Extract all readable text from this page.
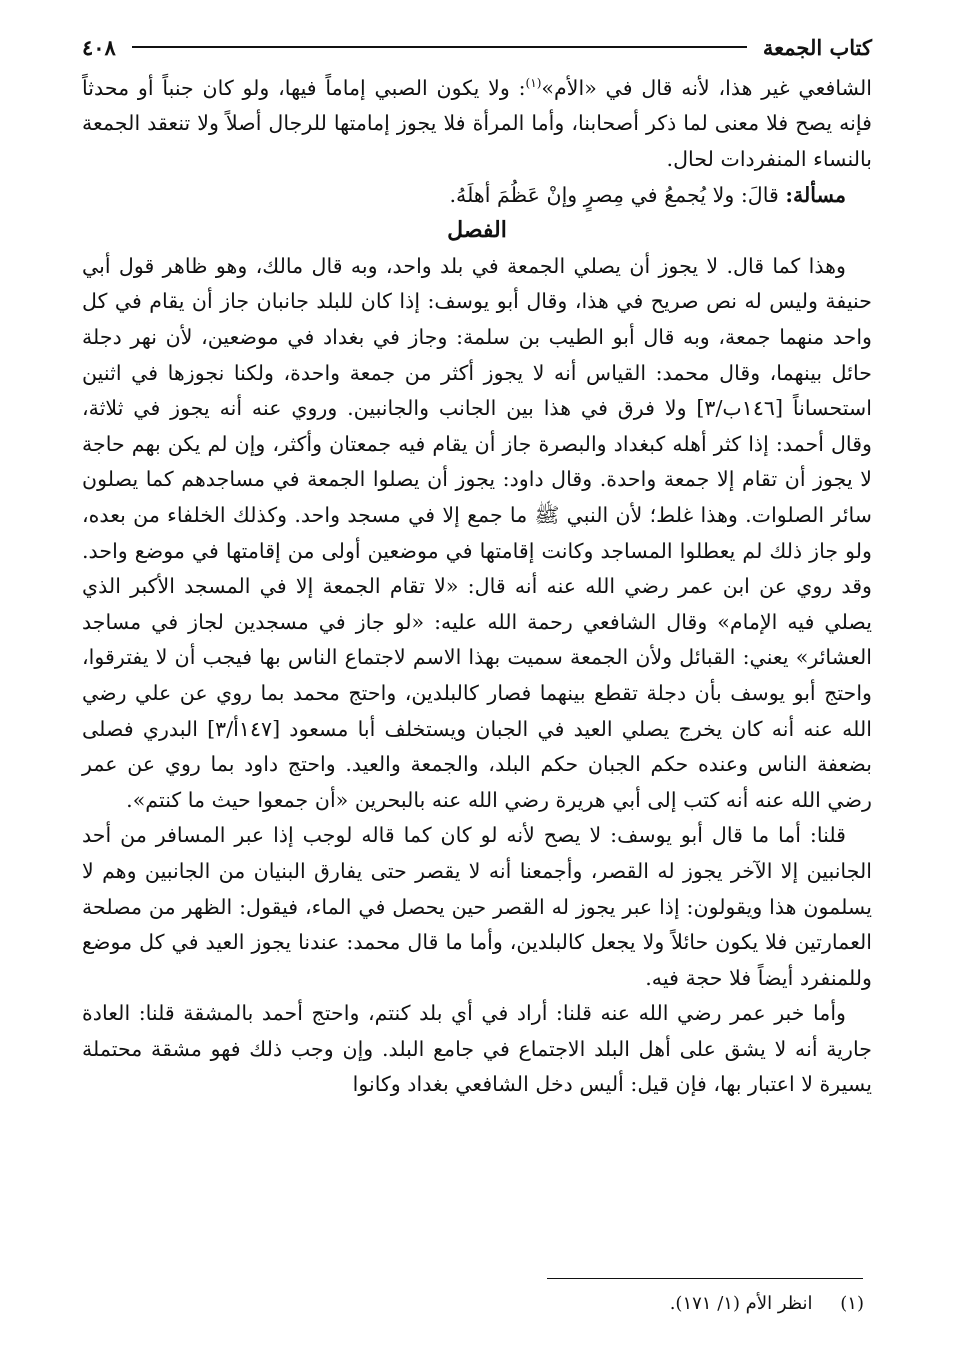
كتاب الجمعة
٤٠٨

الشافعي غير هذا، لأنه قال في «الأم»$^{(١)}$: ولا يكون الصبي إماماً فيها، ولو كان جنباً أو محدثاً فإنه يصح فلا معنى لما ذكر أصحابنا، وأما المرأة فلا يجوز إمامتها للرجال أصلاً ولا تنعقد الجمعة بالنساء المنفردات لحال.

مسألة: قالَ: ولا يُجمعُ في مِصرٍ وإنْ عَظُمَ أهلَهُ.

الفصل

وهذا كما قال. لا يجوز أن يصلي الجمعة في بلد واحد، وبه قال مالك، وهو ظاهر قول أبي حنيفة وليس له نص صريح في هذا، وقال أبو يوسف: إذا كان للبلد جانبان جاز أن يقام في كل واحد منهما جمعة، وبه قال أبو الطيب بن سلمة: وجاز في بغداد في موضعين، لأن نهر دجلة حائل بينهما، وقال محمد: القياس أنه لا يجوز أكثر من جمعة واحدة، ولكنا نجوزها في اثنين استحساناً [١٤٦ب/٣] ولا فرق في هذا بين الجانب والجانبين. وروي عنه أنه يجوز في ثلاثة، وقال أحمد: إذا كثر أهله كبغداد والبصرة جاز أن يقام فيه جمعتان وأكثر، وإن لم يكن بهم حاجة لا يجوز أن تقام إلا جمعة واحدة. وقال داود: يجوز أن يصلوا الجمعة في مساجدهم كما يصلون سائر الصلوات. وهذا غلط؛ لأن النبي ﷺ ما جمع إلا في مسجد واحد. وكذلك الخلفاء من بعده، ولو جاز ذلك لم يعطلوا المساجد وكانت إقامتها في موضعين أولى من إقامتها في موضع واحد. وقد روي عن ابن عمر رضي الله عنه أنه قال: «لا تقام الجمعة إلا في المسجد الأكبر الذي يصلي فيه الإمام» وقال الشافعي رحمة الله عليه: «لو جاز في مسجدين لجاز في مساجد العشائر» يعني: القبائل ولأن الجمعة سميت بهذا الاسم لاجتماع الناس بها فيجب أن لا يفترقوا، واحتج أبو يوسف بأن دجلة تقطع بينهما فصار كالبلدين، واحتج محمد بما روي عن علي رضي الله عنه أنه كان يخرج يصلي العيد في الجبان ويستخلف أبا مسعود [١٤٧أ/٣] البدري فصلى بضعفة الناس وعنده حكم الجبان حكم البلد، والجمعة والعيد. واحتج داود بما روي عن عمر رضي الله عنه أنه كتب إلى أبي هريرة رضي الله عنه بالبحرين «أن جمعوا حيث ما كنتم».

قلنا: أما ما قال أبو يوسف: لا يصح لأنه لو كان كما قاله لوجب إذا عبر المسافر من أحد الجانبين إلا الآخر يجوز له القصر، وأجمعنا أنه لا يقصر حتى يفارق البنيان من الجانبين وهم لا يسلمون هذا ويقولون: إذا عبر يجوز له القصر حين يحصل في الماء، فيقول: الظهر من مصلحة العمارتين فلا يكون حائلاً ولا يجعل كالبلدين، وأما ما قال محمد: عندنا يجوز العيد في كل موضع وللمنفرد أيضاً فلا حجة فيه.

وأما خبر عمر رضي الله عنه قلنا: أراد في أي بلد كنتم، واحتج أحمد بالمشقة قلنا: العادة جارية أنه لا يشق على أهل البلد الاجتماع في جامع البلد. وإن وجب ذلك فهو مشقة محتملة يسيرة لا اعتبار بها، فإن قيل: أليس دخل الشافعي بغداد وكانوا

(١) انظر الأم (١/ ١٧١).
